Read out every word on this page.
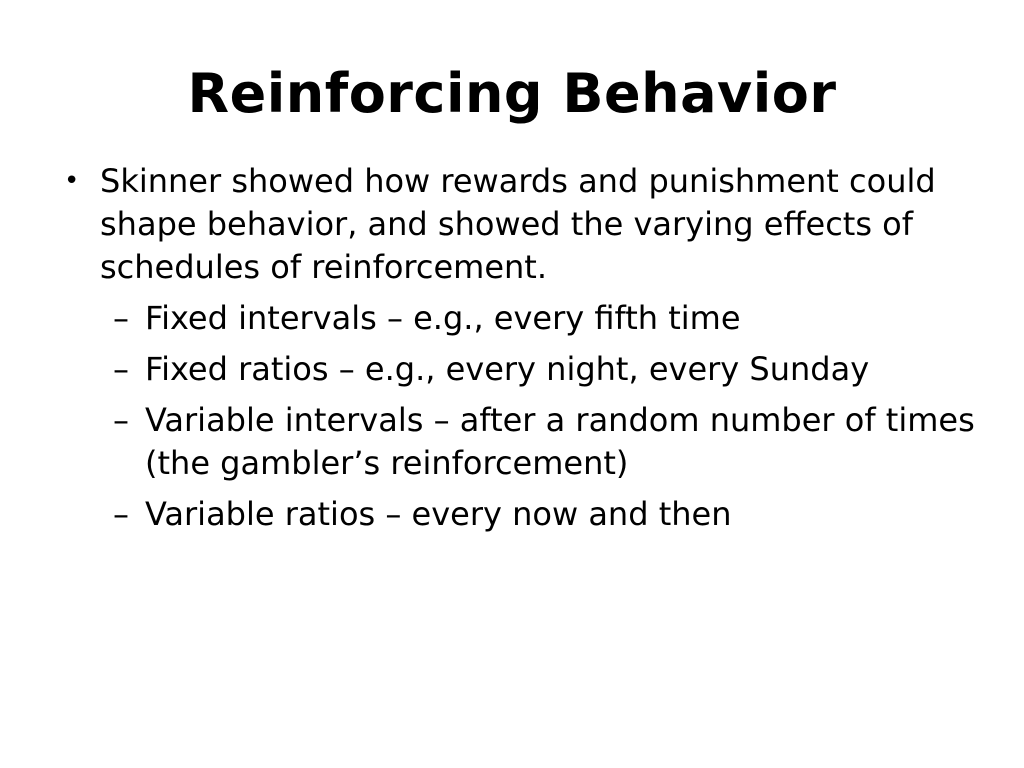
Reinforcing Behavior
• Skinner showed how rewards and punishment could shape behavior, and showed the varying effects of schedules of reinforcement.
– Fixed intervals – e.g., every fifth time
– Fixed ratios – e.g., every night, every Sunday
– Variable intervals – after a random number of times (the gambler’s reinforcement)
– Variable ratios – every now and then
